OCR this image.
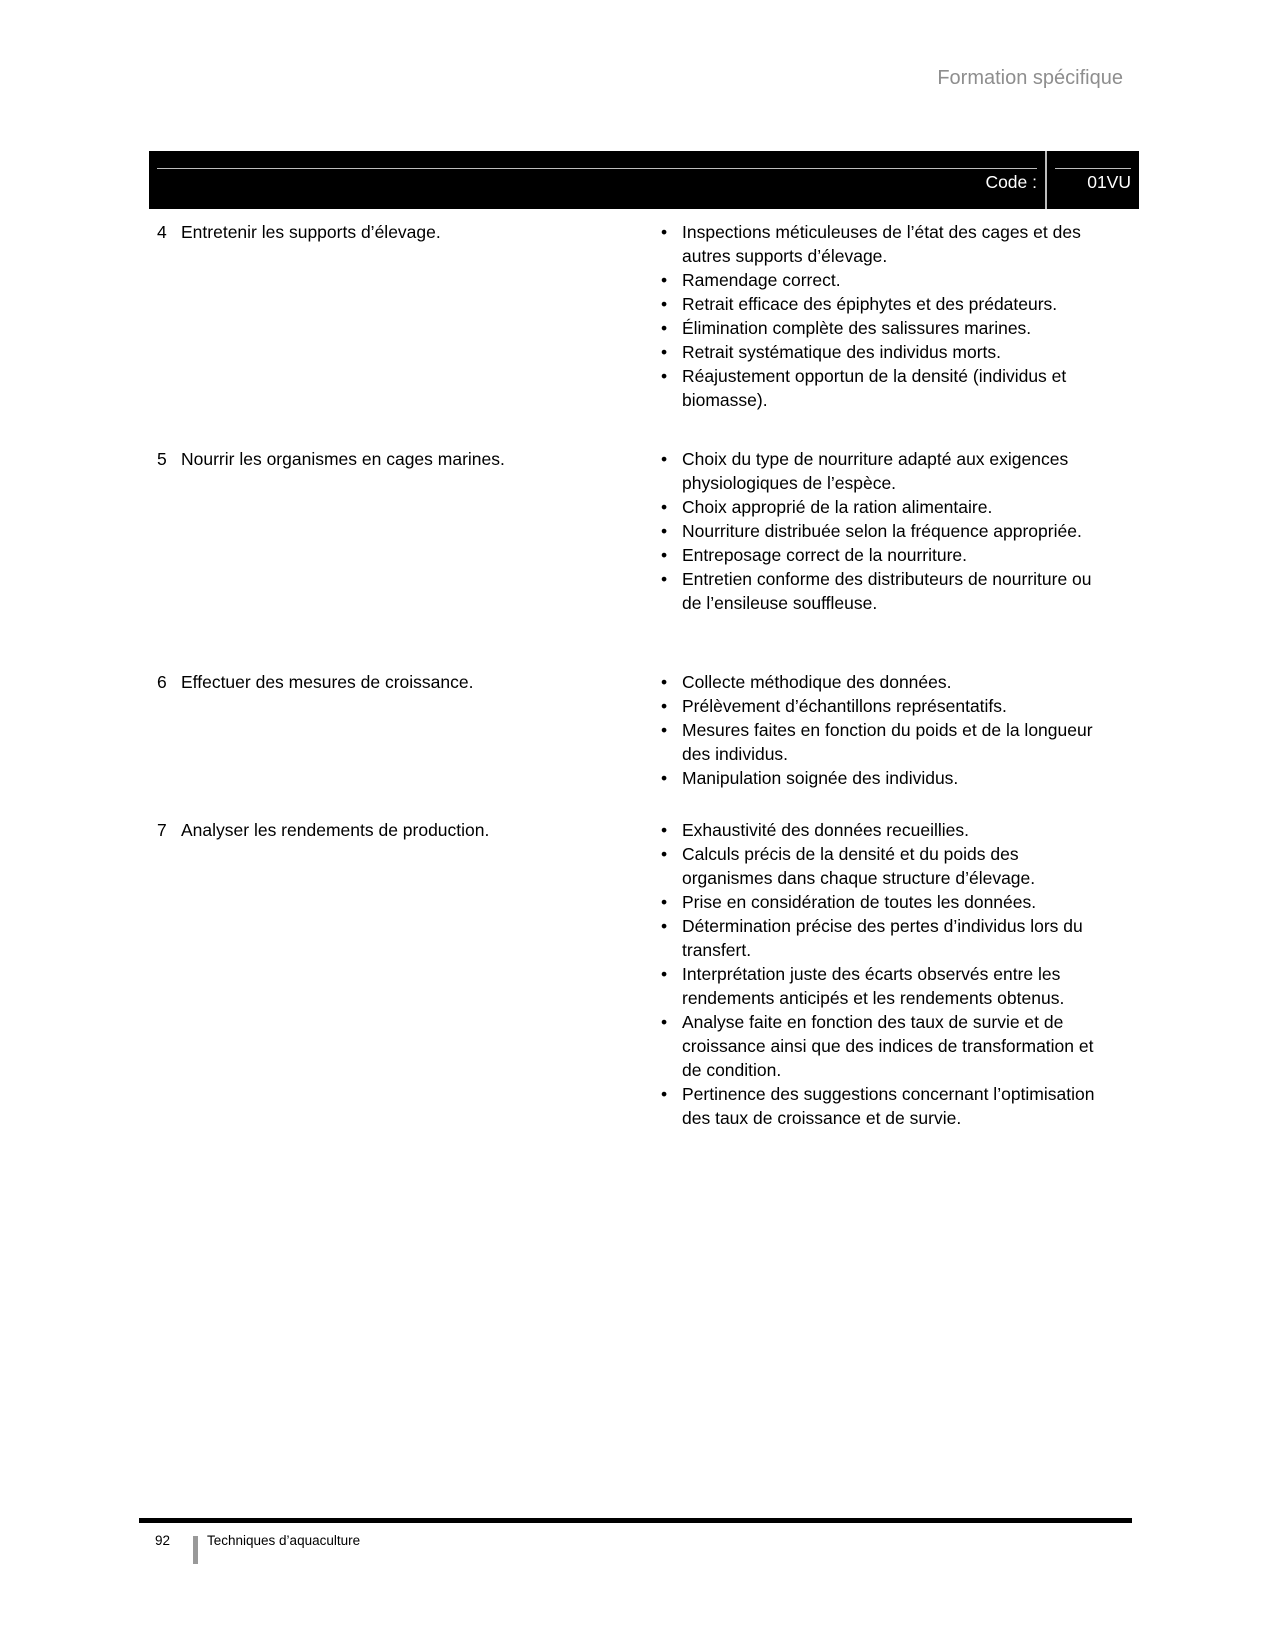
Formation spécifique
Code :	01VU
4 Entretenir les supports d’élevage.	• Inspections méticuleuses de l’état des cages et des autres supports d’élevage.
• Ramendage correct.
• Retrait efficace des épiphytes et des prédateurs.
• Élimination complète des salissures marines.
• Retrait systématique des individus morts.
• Réajustement opportun de la densité (individus et biomasse).
5 Nourrir les organismes en cages marines.	• Choix du type de nourriture adapté aux exigences physiologiques de l’espèce.
• Choix approprié de la ration alimentaire.
• Nourriture distribuée selon la fréquence appropriée.
• Entreposage correct de la nourriture.
• Entretien conforme des distributeurs de nourriture ou de l’ensileuse souffleuse.
6 Effectuer des mesures de croissance.	• Collecte méthodique des données.
• Prélèvement d’échantillons représentatifs.
• Mesures faites en fonction du poids et de la longueur des individus.
• Manipulation soignée des individus.
7 Analyser les rendements de production.	• Exhaustivité des données recueillies.
• Calculs précis de la densité et du poids des organismes dans chaque structure d’élevage.
• Prise en considération de toutes les données.
• Détermination précise des pertes d’individus lors du transfert.
• Interprétation juste des écarts observés entre les rendements anticipés et les rendements obtenus.
• Analyse faite en fonction des taux de survie et de croissance ainsi que des indices de transformation et de condition.
• Pertinence des suggestions concernant l’optimisation des taux de croissance et de survie.
92	Techniques d’aquaculture
